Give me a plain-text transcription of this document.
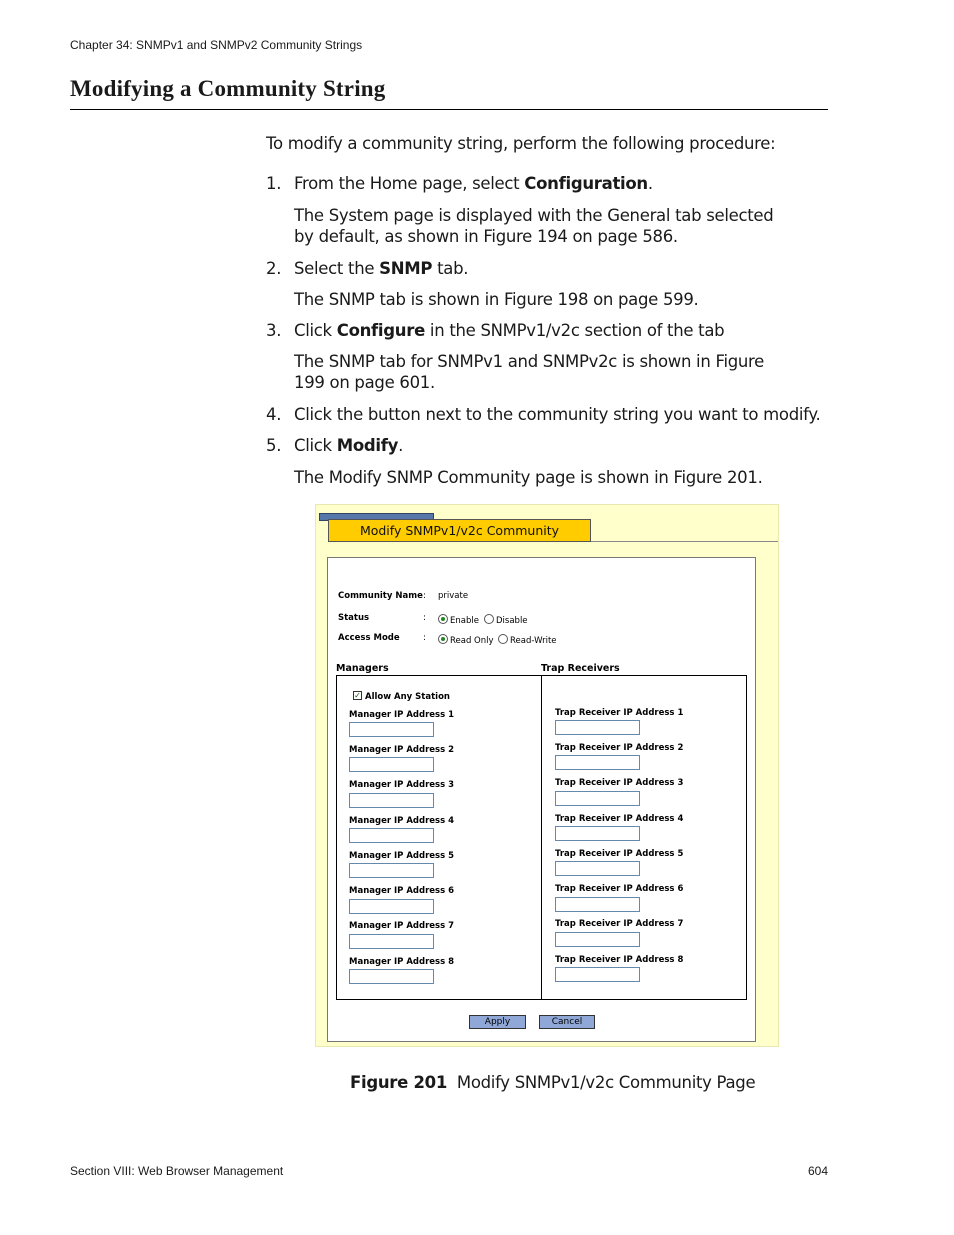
Chapter 34: SNMPv1 and SNMPv2 Community Strings
Modifying a Community String
To modify a community string, perform the following procedure:
1. From the Home page, select Configuration.
The System page is displayed with the General tab selected by default, as shown in Figure 194 on page 586.
2. Select the SNMP tab.
The SNMP tab is shown in Figure 198 on page 599.
3. Click Configure in the SNMPv1/v2c section of the tab
The SNMP tab for SNMPv1 and SNMPv2c is shown in Figure 199 on page 601.
4. Click the button next to the community string you want to modify.
5. Click Modify.
The Modify SNMP Community page is shown in Figure 201.
Modify SNMPv1/v2c Community
Community Name : private
Status	:	Enable	Disable
Access Mode	:	Read Only	Read-Write
Managers	Trap Receivers
✓ Allow Any Station
Manager IP Address 1
Manager IP Address 2
Manager IP Address 3
Manager IP Address 4
Manager IP Address 5
Manager IP Address 6
Manager IP Address 7
Manager IP Address 8
Trap Receiver IP Address 1
Trap Receiver IP Address 2
Trap Receiver IP Address 3
Trap Receiver IP Address 4
Trap Receiver IP Address 5
Trap Receiver IP Address 6
Trap Receiver IP Address 7
Trap Receiver IP Address 8
Apply	Cancel
Figure 201 Modify SNMPv1/v2c Community Page
Section VIII: Web Browser Management	604
